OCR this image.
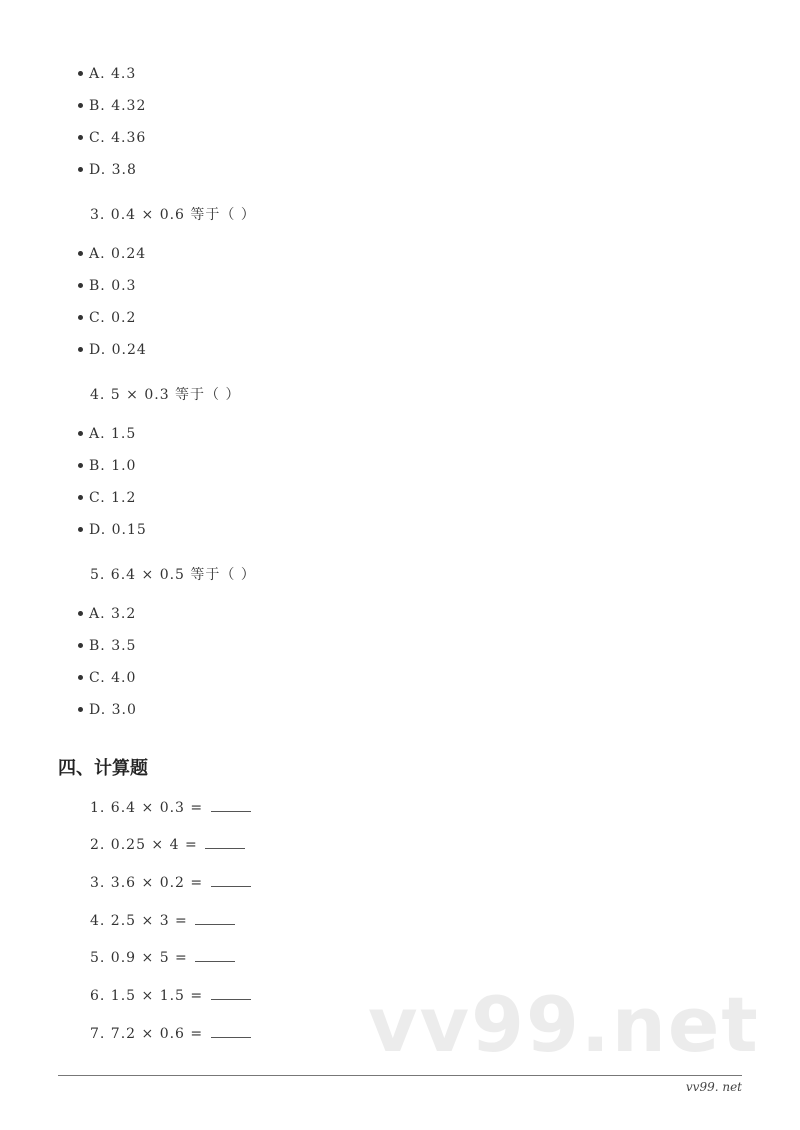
A. 4.3
B. 4.32
C. 4.36
D. 3.8
3. 0.4 × 0.6 等于（ ）
A. 0.24
B. 0.3
C. 0.2
D. 0.24
4. 5 × 0.3 等于（ ）
A. 1.5
B. 1.0
C. 1.2
D. 0.15
5. 6.4 × 0.5 等于（ ）
A. 3.2
B. 3.5
C. 4.0
D. 3.0
四、计算题
1. 6.4 × 0.3 =
2. 0.25 × 4 =
3. 3.6 × 0.2 =
4. 2.5 × 3 =
5. 0.9 × 5 =
6. 1.5 × 1.5 =
7. 7.2 × 0.6 =	vv99.net
vv99. net
